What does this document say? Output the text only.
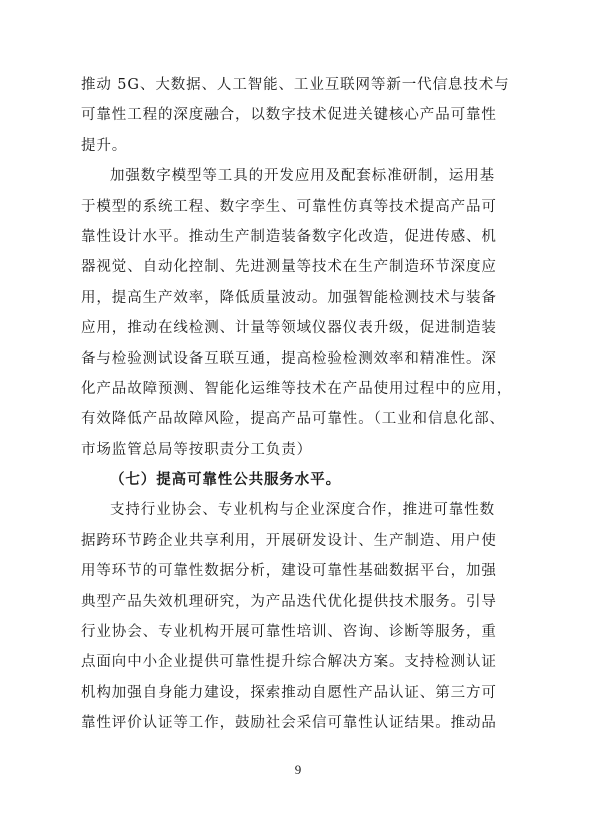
推动 5G、大数据、人工智能、工业互联网等新一代信息技术与
可靠性工程的深度融合，以数字技术促进关键核心产品可靠性
提升。

加强数字模型等工具的开发应用及配套标准研制，运用基
于模型的系统工程、数字孪生、可靠性仿真等技术提高产品可
靠性设计水平。推动生产制造装备数字化改造，促进传感、机
器视觉、自动化控制、先进测量等技术在生产制造环节深度应
用，提高生产效率，降低质量波动。加强智能检测技术与装备
应用，推动在线检测、计量等领域仪器仪表升级，促进制造装
备与检验测试设备互联互通，提高检验检测效率和精准性。深
化产品故障预测、智能化运维等技术在产品使用过程中的应用，
有效降低产品故障风险，提高产品可靠性。（工业和信息化部、
市场监管总局等按职责分工负责）

（七）提高可靠性公共服务水平。

支持行业协会、专业机构与企业深度合作，推进可靠性数
据跨环节跨企业共享利用，开展研发设计、生产制造、用户使
用等环节的可靠性数据分析，建设可靠性基础数据平台，加强
典型产品失效机理研究，为产品迭代优化提供技术服务。引导
行业协会、专业机构开展可靠性培训、咨询、诊断等服务，重
点面向中小企业提供可靠性提升综合解决方案。支持检测认证
机构加强自身能力建设，探索推动自愿性产品认证、第三方可
靠性评价认证等工作，鼓励社会采信可靠性认证结果。推动品

9
